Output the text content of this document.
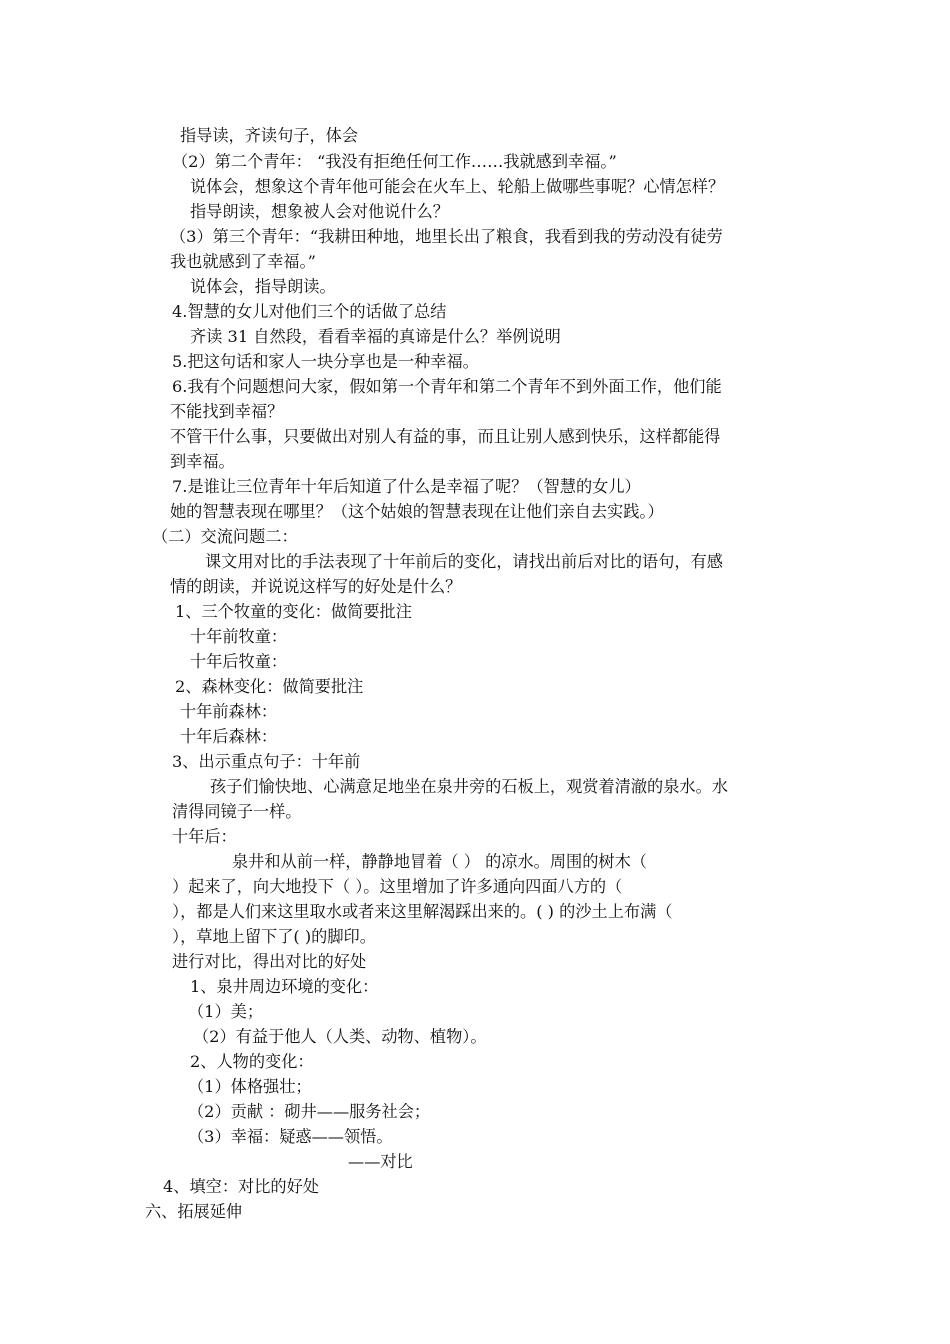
指导读，齐读句子，体会
（2）第二个青年： “我没有拒绝任何工作……我就感到幸福。”
说体会，想象这个青年他可能会在火车上、轮船上做哪些事呢？心情怎样？
指导朗读，想象被人会对他说什么？
（3）第三个青年：“我耕田种地，地里长出了粮食，我看到我的劳动没有徒劳
我也就感到了幸福。”
说体会，指导朗读。
4.智慧的女儿对他们三个的话做了总结
齐读 31 自然段，看看幸福的真谛是什么？举例说明
5.把这句话和家人一块分享也是一种幸福。
6.我有个问题想问大家，假如第一个青年和第二个青年不到外面工作，他们能
不能找到幸福？
不管干什么事，只要做出对别人有益的事，而且让别人感到快乐，这样都能得
到幸福。
7.是谁让三位青年十年后知道了什么是幸福了呢？（智慧的女儿）
她的智慧表现在哪里？（这个姑娘的智慧表现在让他们亲自去实践。）
（二）交流问题二：
课文用对比的手法表现了十年前后的变化，请找出前后对比的语句，有感
情的朗读，并说说这样写的好处是什么？
1、三个牧童的变化：做简要批注
十年前牧童：
十年后牧童：
2、森林变化：做简要批注
十年前森林：
十年后森林：
3、出示重点句子：十年前
孩子们愉快地、心满意足地坐在泉井旁的石板上，观赏着清澈的泉水。水
清得同镜子一样。
十年后：
泉井和从前一样，静静地冒着（ ） 的凉水。周围的树木（
）起来了，向大地投下（ ）。这里增加了许多通向四面八方的（
），都是人们来这里取水或者来这里解渴踩出来的。( ) 的沙土上布满（
），草地上留下了( )的脚印。
进行对比，得出对比的好处
1、泉井周边环境的变化：
（1）美；
（2）有益于他人（人类、动物、植物）。
2、人物的变化：
（1）体格强壮；
（2）贡献 ：砌井——服务社会；
（3）幸福：疑惑——领悟。
——对比
4、填空：对比的好处
六、拓展延伸
